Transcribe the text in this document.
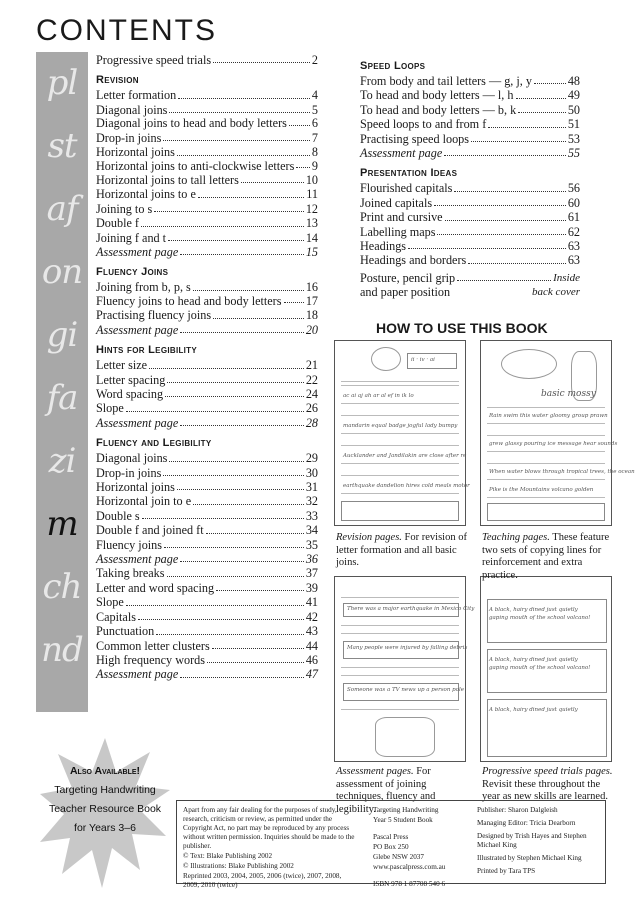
CONTENTS
pl
st
af
on
gi
fa
zi
m
ch
nd
Progressive speed trials	2
Revision
Letter formation	4
Diagonal joins	5
Diagonal joins to head and body letters 6
Drop-in joins	7
Horizontal joins	8
Horizontal joins to anti-clockwise letters 9
Horizontal joins to tall letters	10
Horizontal joins to e	11
Joining to s	12
Double f	13
Joining f and t	14
Assessment page	15
Fluency Joins
Joining from b, p, s	16
Fluency joins to head and body letters 17
Practising fluency joins	18
Assessment page	20
Hints for Legibility
Letter size	21
Letter spacing	22
Word spacing	24
Slope	26
Assessment page	28
Fluency and Legibility
Diagonal joins	29
Drop-in joins	30
Horizontal joins	31
Horizontal join to e	32
Double s	33
Double f and joined ft	34
Fluency joins	35
Assessment page	36
Taking breaks	37
Letter and word spacing	39
Slope	41
Capitals	42
Punctuation	43
Common letter clusters	44
High frequency words	46
Assessment page	47
Speed Loops
From body and tail letters — g, j, y	48
To head and body letters — l, h	49
To head and body letters — b, k	50
Speed loops to and from f	51
Practising speed loops	53
Assessment page	55
Presentation Ideas
Flourished capitals	56
Joined capitals	60
Print and cursive	61
Labelling maps	62
Headings	63
Headings and borders	63
Posture, pencil grip	Inside
and paper position	back cover
HOW TO USE THIS BOOK
ii · iv · ai
ac ai aj ah ar al ef in ik lo
mandarin equal badge jogful lady bumpy
Aucklander and Jandilakin are close after re
earthquake dandelion hires cold meals motor
basic mossy
Rain swim this water gloomy group prawn
grew glassy pouring ice message hear sounds
When water blows through tropical trees, the ocean
Pike is the Mountains volcano golden
There was a major earthquake in Mexico City
Many people were injured by falling debris
Someone was a TV news up a person pole
A black, hairy dined just quietly
gaping mouth of the school volcano!
A black, hairy dined just quietly
gaping mouth of the school volcano!
A black, hairy dined just quietly
Revision pages. For revision of letter formation and all basic joins.
Teaching pages. These feature two sets of copying lines for reinforcement and extra practice.
Assessment pages. For assessment of joining techniques, fluency and legibility.
Progressive speed trials pages. Revisit these throughout the year as new skills are learned.
Also Available!
Targeting Handwriting
Teacher Resource Book
for Years 3–6

Apart from any fair dealing for the purposes of study, research, criticism or review, as permitted under the Copyright Act, no part may be reproduced by any process without written permission. Inquiries should be made to the publisher.

© Text: Blake Publishing 2002

© Illustrations: Blake Publishing 2002

Reprinted 2003, 2004, 2005, 2006 (twice), 2007, 2008, 2009, 2010 (twice)

Targeting Handwriting

Year 5 Student Book

Pascal Press

PO Box 250

Glebe NSW 2037

www.pascalpress.com.au

ISBN 978 1 87708 540 6

Publisher: Sharon Dalgleish

Managing Editor: Tricia Dearborn

Designed by Trish Hayes and Stephen Michael King

Illustrated by Stephen Michael King

Printed by Tara TPS
